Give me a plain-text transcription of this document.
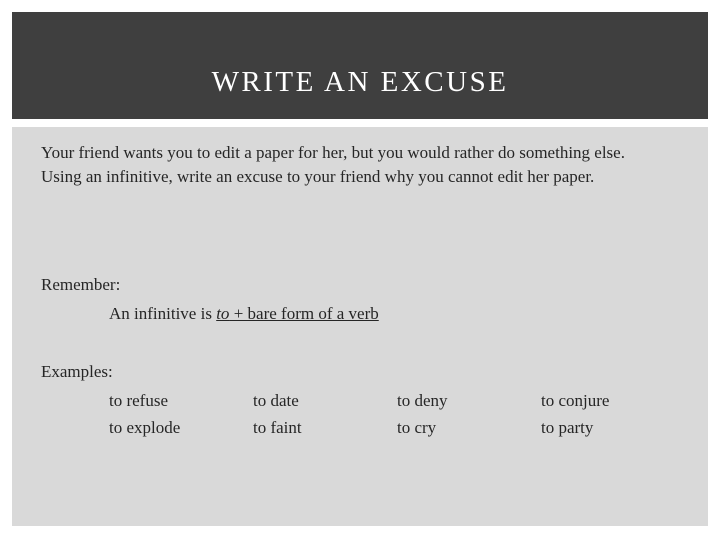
WRITE AN EXCUSE
Your friend wants you to edit a paper for her, but you would rather do something else. Using an infinitive, write an excuse to your friend why you cannot edit her paper.
Remember:
An infinitive is to + bare form of a verb
Examples:
to refuse	to date	to deny	to conjure
to explode	to faint	to cry	to party
